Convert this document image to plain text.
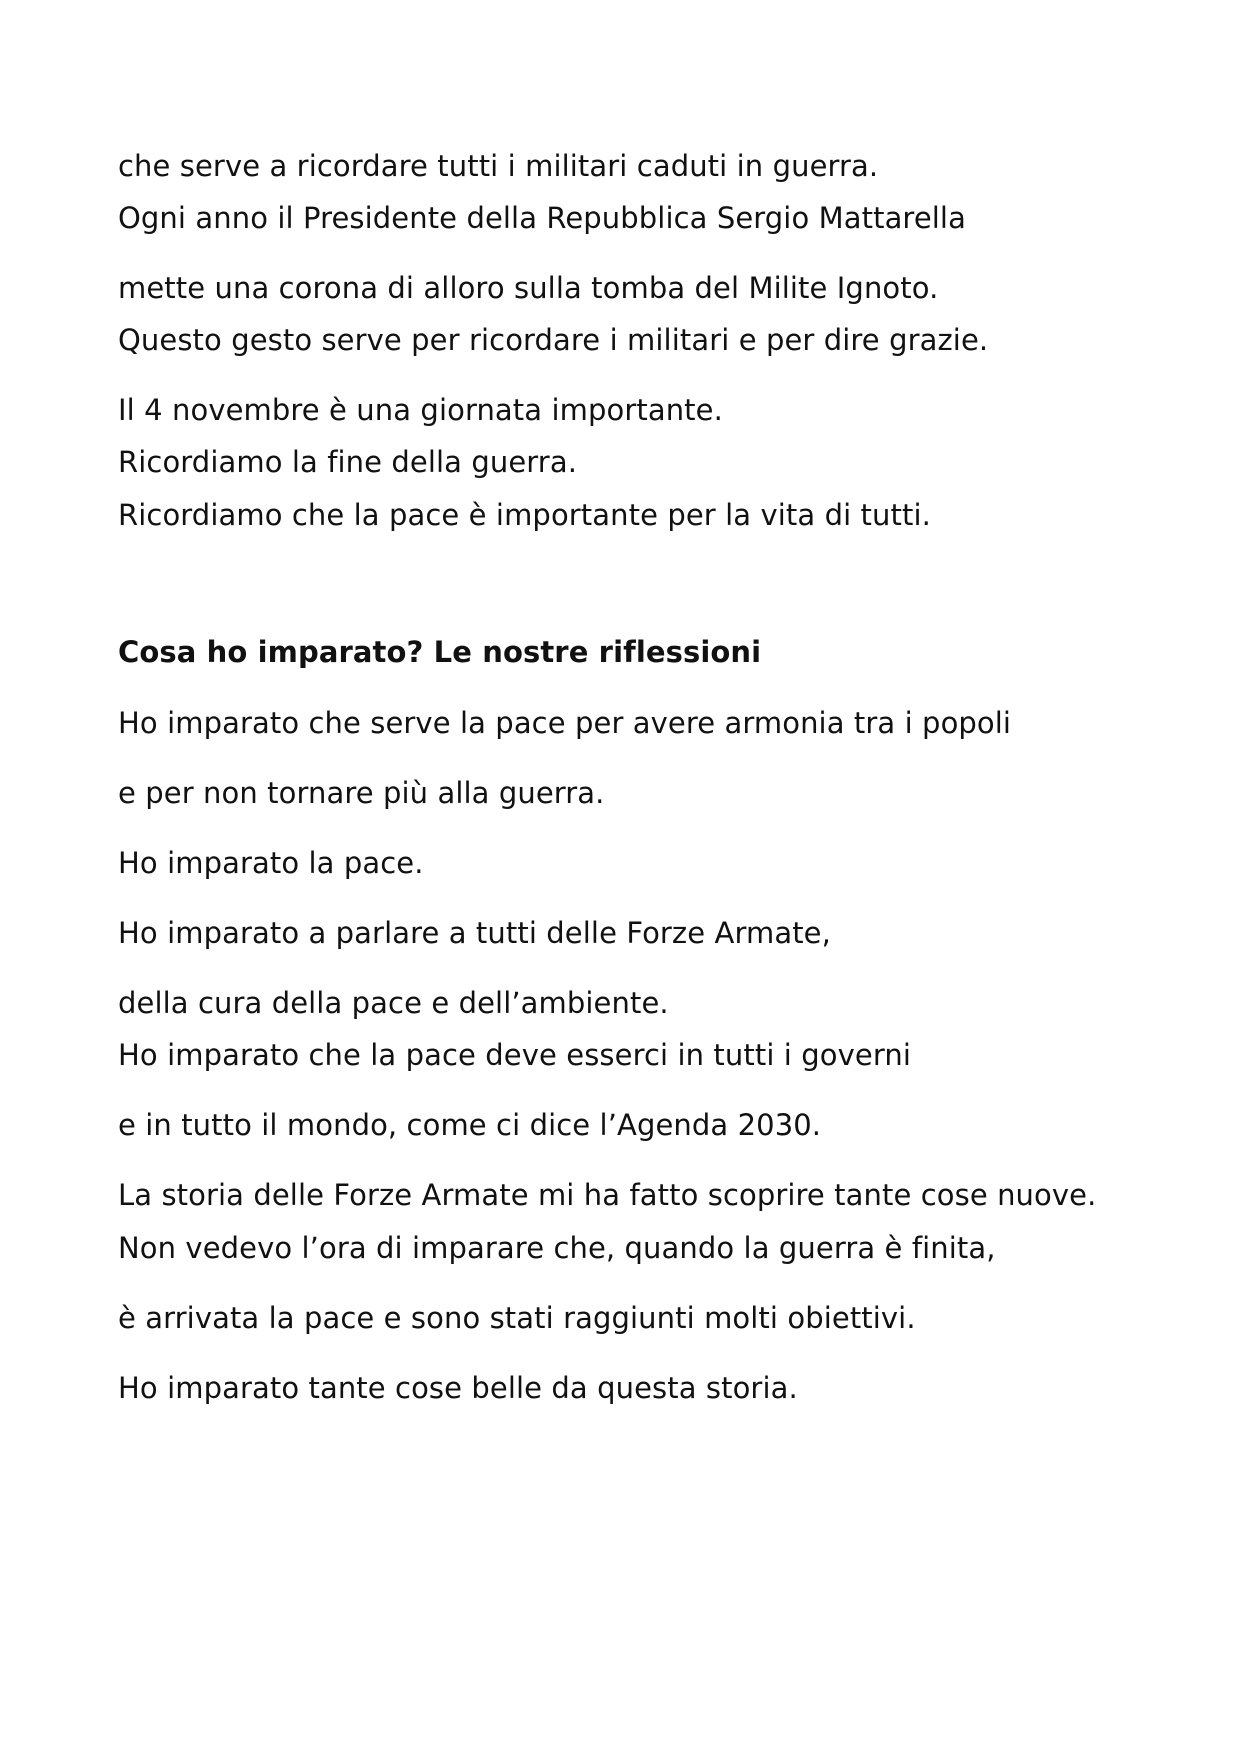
che serve a ricordare tutti i militari caduti in guerra.
Ogni anno il Presidente della Repubblica Sergio Mattarella
mette una corona di alloro sulla tomba del Milite Ignoto.
Questo gesto serve per ricordare i militari e per dire grazie.
Il 4 novembre è una giornata importante.
Ricordiamo la fine della guerra.
Ricordiamo che la pace è importante per la vita di tutti.
Cosa ho imparato? Le nostre riflessioni
Ho imparato che serve la pace per avere armonia tra i popoli
e per non tornare più alla guerra.
Ho imparato la pace.
Ho imparato a parlare a tutti delle Forze Armate,
della cura della pace e dell’ambiente.
Ho imparato che la pace deve esserci in tutti i governi
e in tutto il mondo, come ci dice l’Agenda 2030.
La storia delle Forze Armate mi ha fatto scoprire tante cose nuove.
Non vedevo l’ora di imparare che, quando la guerra è finita,
è arrivata la pace e sono stati raggiunti molti obiettivi.
Ho imparato tante cose belle da questa storia.
